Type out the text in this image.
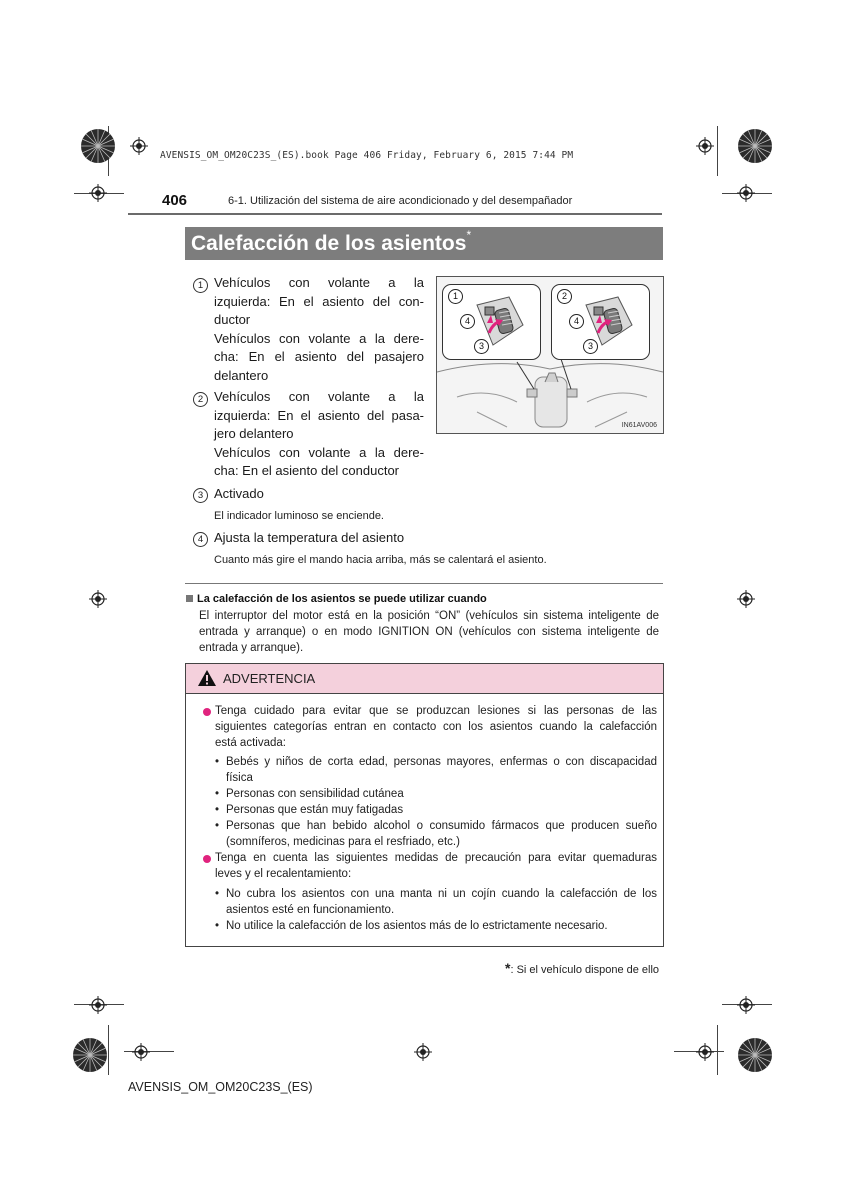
AVENSIS_OM_OM20C23S_(ES).book Page 406 Friday, February 6, 2015 7:44 PM
406	6-1. Utilización del sistema de aire acondicionado y del desempañador
Calefacción de los asientos*
1 Vehículos con volante a la
izquierda: En el asiento del con-
ductor
Vehículos con volante a la dere-
cha: En el asiento del pasajero
delantero
2 Vehículos con volante a la
izquierda: En el asiento del pasa-
jero delantero
Vehículos con volante a la dere-
cha: En el asiento del conductor
3 Activado
El indicador luminoso se enciende.
4 Ajusta la temperatura del asiento
Cuanto más gire el mando hacia arriba, más se calentará el asiento.
1
4
3
2
4
3
IN61AV006
La calefacción de los asientos se puede utilizar cuando
El interruptor del motor está en la posición “ON” (vehículos sin sistema inteligente de
entrada y arranque) o en modo IGNITION ON (vehículos con sistema inteligente de
entrada y arranque).
ADVERTENCIA
Tenga cuidado para evitar que se produzcan lesiones si las personas de las
siguientes categorías entran en contacto con los asientos cuando la calefacción
está activada:
• Bebés y niños de corta edad, personas mayores, enfermas o con discapacidad
física
• Personas con sensibilidad cutánea
• Personas que están muy fatigadas
• Personas que han bebido alcohol o consumido fármacos que producen sueño
(somníferos, medicinas para el resfriado, etc.)
Tenga en cuenta las siguientes medidas de precaución para evitar quemaduras
leves y el recalentamiento:
• No cubra los asientos con una manta ni un cojín cuando la calefacción de los
asientos esté en funcionamiento.
• No utilice la calefacción de los asientos más de lo estrictamente necesario.
*: Si el vehículo dispone de ello
AVENSIS_OM_OM20C23S_(ES)
